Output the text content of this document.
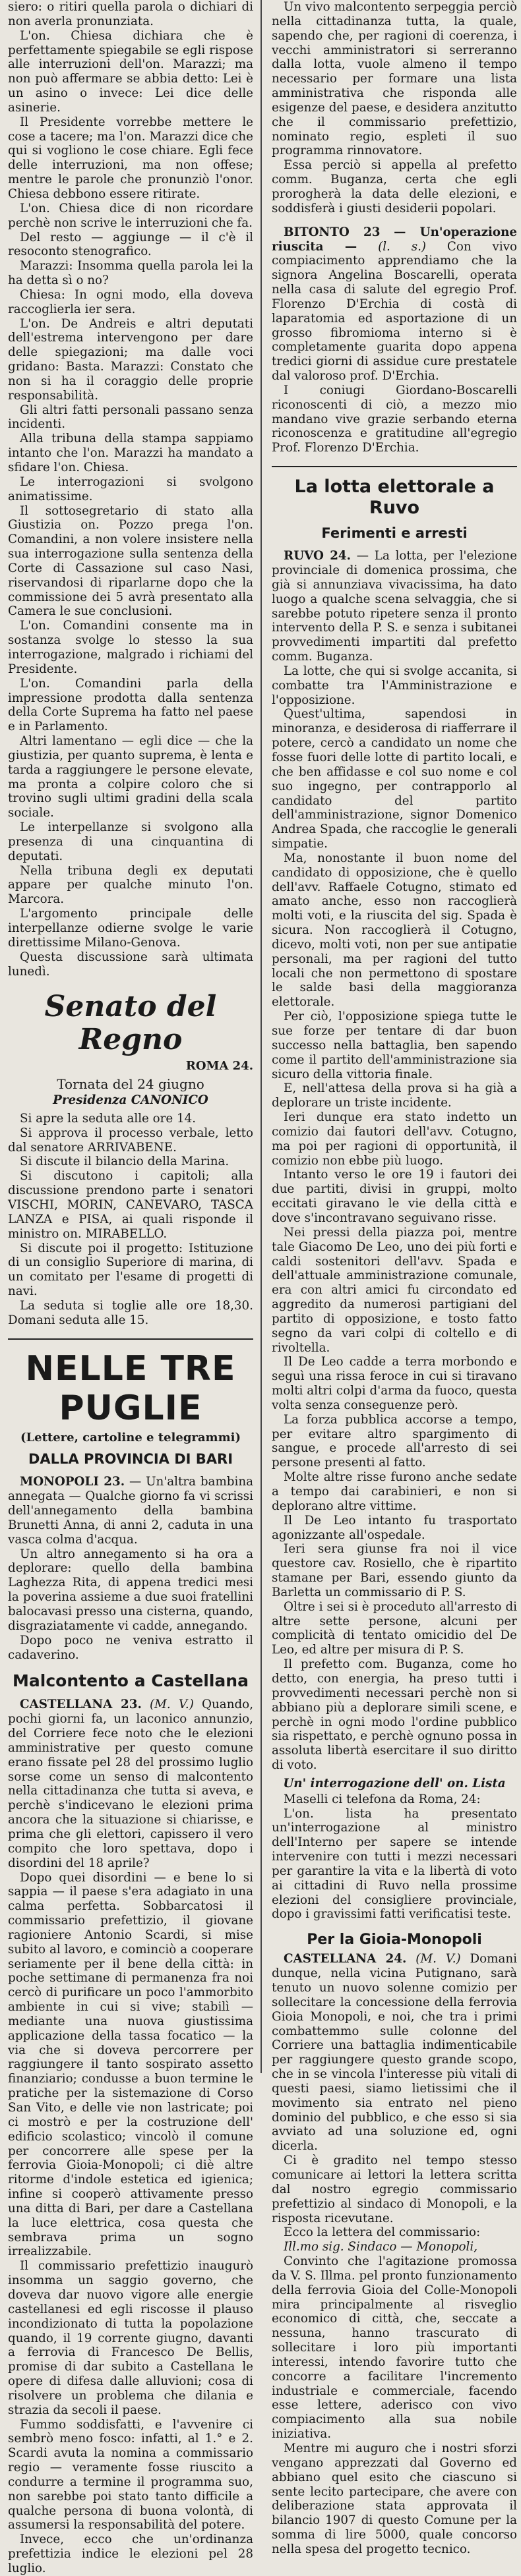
siero: o ritiri quella parola o dichiari di non averla pronunziata.

L'on. Chiesa dichiara che è perfettamente spiegabile se egli rispose alle interruzioni dell'on. Marazzi; ma non può affermare se abbia detto: Lei è un asino o invece: Lei dice delle asinerie.

Il Presidente vorrebbe mettere le cose a tacere; ma l'on. Marazzi dice che qui si vogliono le cose chiare. Egli fece delle interruzioni, ma non offese; mentre le parole che pronunziò l'onor. Chiesa debbono essere ritirate.

L'on. Chiesa dice di non ricordare perchè non scrive le interruzioni che fa.

Del resto — aggiunge — il c'è il resoconto stenografico.

Marazzi: Insomma quella parola lei la ha detta sì o no?

Chiesa: In ogni modo, ella doveva raccoglierla ier sera.

L'on. De Andreis e altri deputati dell'estrema intervengono per dare delle spiegazioni; ma dalle voci gridano: Basta. Marazzi: Constato che non si ha il coraggio delle proprie responsabilità.

Gli altri fatti personali passano senza incidenti.

Alla tribuna della stampa sappiamo intanto che l'on. Marazzi ha mandato a sfidare l'on. Chiesa.

Le interrogazioni si svolgono animatissime.

Il sottosegretario di stato alla Giustizia on. Pozzo prega l'on. Comandini, a non volere insistere nella sua interrogazione sulla sentenza della Corte di Cassazione sul caso Nasi, riservandosi di riparlarne dopo che la commissione dei 5 avrà presentato alla Camera le sue conclusioni.

L'on. Comandini consente ma in sostanza svolge lo stesso la sua interrogazione, malgrado i richiami del Presidente.

L'on. Comandini parla della impressione prodotta dalla sentenza della Corte Suprema ha fatto nel paese e in Parlamento.

Altri lamentano — egli dice — che la giustizia, per quanto suprema, è lenta e tarda a raggiungere le persone elevate, ma pronta a colpire coloro che si trovino sugli ultimi gradini della scala sociale.

Le interpellanze si svolgono alla presenza di una cinquantina di deputati.

Nella tribuna degli ex deputati appare per qualche minuto l'on. Marcora.

L'argomento principale delle interpellanze odierne svolge le varie direttissime Milano-Genova.

Questa discussione sarà ultimata lunedì.

Senato del Regno

ROMA 24.

Tornata del 24 giugno

Presidenza CANONICO

Si apre la seduta alle ore 14.

Si approva il processo verbale, letto dal senatore ARRIVABENE.

Si discute il bilancio della Marina.

Si discutono i capitoli; alla discussione prendono parte i senatori VISCHI, MORIN, CANEVARO, TASCA LANZA e PISA, ai quali risponde il ministro on. MIRABELLO.

Si discute poi il progetto: Istituzione di un consiglio Superiore di marina, di un comitato per l'esame di progetti di navi.

La seduta si toglie alle ore 18,30. Domani seduta alle 15.

NELLE TRE PUGLIE

(Lettere, cartoline e telegrammi)

DALLA PROVINCIA DI BARI

MONOPOLI 23. — Un'altra bambina annegata — Qualche giorno fa vi scrissi dell'annegamento della bambina Brunetti Anna, di anni 2, caduta in una vasca colma d'acqua.

Un altro annegamento si ha ora a deplorare: quello della bambina Laghezza Rita, di appena tredici mesi la poverina assieme a due suoi fratellini balocavasi presso una cisterna, quando, disgraziatamente vi cadde, annegando.

Dopo poco ne veniva estratto il cadaverino.

Malcontento a Castellana

CASTELLANA 23. (M. V.) Quando, pochi giorni fa, un laconico annunzio, del Corriere fece noto che le elezioni amministrative per questo comune erano fissate pel 28 del prossimo luglio sorse come un senso di malcontento nella cittadinanza che tutta si aveva, e perchè s'indicevano le elezioni prima ancora che la situazione si chiarisse, e prima che gli elettori, capissero il vero compito che loro spettava, dopo i disordini del 18 aprile?

Dopo quei disordini — e bene lo si sappia — il paese s'era adagiato in una calma perfetta. Sobbarcatosi il commissario prefettizio, il giovane ragioniere Antonio Scardi, si mise subito al lavoro, e cominciò a cooperare seriamente per il bene della città: in poche settimane di permanenza fra noi cercò di purificare un poco l'ammorbito ambiente in cui si vive; stabilì — mediante una nuova giustissima applicazione della tassa focatico — la via che si doveva percorrere per raggiungere il tanto sospirato assetto finanziario; condusse a buon termine le pratiche per la sistemazione di Corso San Vito, e delle vie non lastricate; poi ci mostrò e per la costruzione dell' edificio scolastico; vincolò il comune per concorrere alle spese per la ferrovia Gioia-Monopoli; ci diè altre ritorme d'indole estetica ed igienica; infine si cooperò attivamente presso una ditta di Bari, per dare a Castellana la luce elettrica, cosa questa che sembrava prima un sogno irrealizzabile.

Il commissario prefettizio inaugurò insomma un saggio governo, che doveva dar nuovo vigore alle energie castellanesi ed egli riscosse il plauso incondizionato di tutta la popolazione quando, il 19 corrente giugno, davanti a ferrovia di Francesco De Bellis, promise di dar subito a Castellana le opere di difesa dalle alluvioni; cosa di risolvere un problema che dilania e strazia da secoli il paese.

Fummo soddisfatti, e l'avvenire ci sembrò meno fosco: infatti, al 1.° e 2. Scardi avuta la nomina a commissario regio — veramente fosse riuscito a condurre a termine il programma suo, non sarebbe poi stato tanto difficile a qualche persona di buona volontà, di assumersi la responsabilità del potere.

Invece, ecco che un'ordinanza prefettizia indice le elezioni pel 28 luglio.

Un vivo malcontento serpeggia perciò nella cittadinanza tutta, la quale, sapendo che, per ragioni di coerenza, i vecchi amministratori si serreranno dalla lotta, vuole almeno il tempo necessario per formare una lista amministrativa che risponda alle esigenze del paese, e desidera anzitutto che il commissario prefettizio, nominato regio, espleti il suo programma rinnovatore.

Essa perciò si appella al prefetto comm. Buganza, certa che egli prorogherà la data delle elezioni, e soddisferà i giusti desiderii popolari.

BITONTO 23 — Un'operazione riuscita — (l. s.) Con vivo compiacimento apprendiamo che la signora Angelina Boscarelli, operata nella casa di salute del egregio Prof. Florenzo D'Erchia di costà di laparatomia ed asportazione di un grosso fibromioma interno si è completamente guarita dopo appena tredici giorni di assidue cure prestatele dal valoroso prof. D'Erchia.

I coniugi Giordano-Boscarelli riconoscenti di ciò, a mezzo mio mandano vive grazie serbando eterna riconoscenza e gratitudine all'egregio Prof. Florenzo D'Erchia.

La lotta elettorale a Ruvo
Ferimenti e arresti

RUVO 24. — La lotta, per l'elezione provinciale di domenica prossima, che già si annunziava vivacissima, ha dato luogo a qualche scena selvaggia, che si sarebbe potuto ripetere senza il pronto intervento della P. S. e senza i subitanei provvedimenti impartiti dal prefetto comm. Buganza.

La lotte, che qui si svolge accanita, si combatte tra l'Amministrazione e l'opposizione.

Quest'ultima, sapendosi in minoranza, e desiderosa di riafferrare il potere, cercò a candidato un nome che fosse fuori delle lotte di partito locali, e che ben affidasse e col suo nome e col suo ingegno, per contrapporlo al candidato del partito dell'amministrazione, signor Domenico Andrea Spada, che raccoglie le generali simpatie.

Ma, nonostante il buon nome del candidato di opposizione, che è quello dell'avv. Raffaele Cotugno, stimato ed amato anche, esso non raccoglierà molti voti, e la riuscita del sig. Spada è sicura. Non raccoglierà il Cotugno, dicevo, molti voti, non per sue antipatie personali, ma per ragioni del tutto locali che non permettono di spostare le salde basi della maggioranza elettorale.

Per ciò, l'opposizione spiega tutte le sue forze per tentare di dar buon successo nella battaglia, ben sapendo come il partito dell'amministrazione sia sicuro della vittoria finale.

E, nell'attesa della prova si ha già a deplorare un triste incidente.

Ieri dunque era stato indetto un comizio dai fautori dell'avv. Cotugno, ma poi per ragioni di opportunità, il comizio non ebbe più luogo.

Intanto verso le ore 19 i fautori dei due partiti, divisi in gruppi, molto eccitati giravano le vie della città e dove s'incontravano seguivano risse.

Nei pressi della piazza poi, mentre tale Giacomo De Leo, uno dei più forti e caldi sostenitori dell'avv. Spada e dell'attuale amministrazione comunale, era con altri amici fu circondato ed aggredito da numerosi partigiani del partito di opposizione, e tosto fatto segno da vari colpi di coltello e di rivoltella.

Il De Leo cadde a terra morbondo e seguì una rissa feroce in cui si tiravano molti altri colpi d'arma da fuoco, questa volta senza conseguenze però.

La forza pubblica accorse a tempo, per evitare altro spargimento di sangue, e procede all'arresto di sei persone presenti al fatto.

Molte altre risse furono anche sedate a tempo dai carabinieri, e non si deplorano altre vittime.

Il De Leo intanto fu trasportato agonizzante all'ospedale.

Ieri sera giunse fra noi il vice questore cav. Rosiello, che è ripartito stamane per Bari, essendo giunto da Barletta un commissario di P. S.

Oltre i sei si è proceduto all'arresto di altre sette persone, alcuni per complicità di tentato omicidio del De Leo, ed altre per misura di P. S.

Il prefetto com. Buganza, come ho detto, con energia, ha preso tutti i provvedimenti necessari perchè non si abbiano più a deplorare simili scene, e perchè in ogni modo l'ordine pubblico sia rispettato, e perchè ognuno possa in assoluta libertà esercitare il suo diritto di voto.

Un' interrogazione dell' on. Lista

Maselli ci telefona da Roma, 24:

L'on. lista ha presentato un'interrogazione al ministro dell'Interno per sapere se intende intervenire con tutti i mezzi necessari per garantire la vita e la libertà di voto ai cittadini di Ruvo nella prossime elezioni del consigliere provinciale, dopo i gravissimi fatti verificatisi teste.

Per la Gioia-Monopoli

CASTELLANA 24. (M. V.) Domani dunque, nella vicina Putignano, sarà tenuto un nuovo solenne comizio per sollecitare la concessione della ferrovia Gioia Monopoli, e noi, che tra i primi combattemmo sulle colonne del Corriere una battaglia indimenticabile per raggiungere questo grande scopo, che in se vincola l'interesse più vitali di questi paesi, siamo lietissimi che il movimento sia entrato nel pieno dominio del pubblico, e che esso si sia avviato ad una soluzione ed, ogni dicerla.

Ci è gradito nel tempo stesso comunicare ai lettori la lettera scritta dal nostro egregio commissario prefettizio al sindaco di Monopoli, e la risposta ricevutane.

Ecco la lettera del commissario:

Ill.mo sig. Sindaco — Monopoli,

Convinto che l'agitazione promossa da V. S. Illma. pel pronto funzionamento della ferrovia Gioia del Colle-Monopoli mira principalmente al risveglio economico di città, che, seccate a nessuna, hanno trascurato di sollecitare i loro più importanti interessi, intendo favorire tutto che concorre a facilitare l'incremento industriale e commerciale, facendo esse lettere, aderisco con vivo compiacimento alla sua nobile iniziativa.

Mentre mi auguro che i nostri sforzi vengano apprezzati dal Governo ed abbiano quel esito che ciascuno si sente lecito partecipare, che avere con deliberazione stata approvata il bilancio 1907 di questo Comune per la somma di lire 5000, quale concorso nella spesa del progetto tecnico.
